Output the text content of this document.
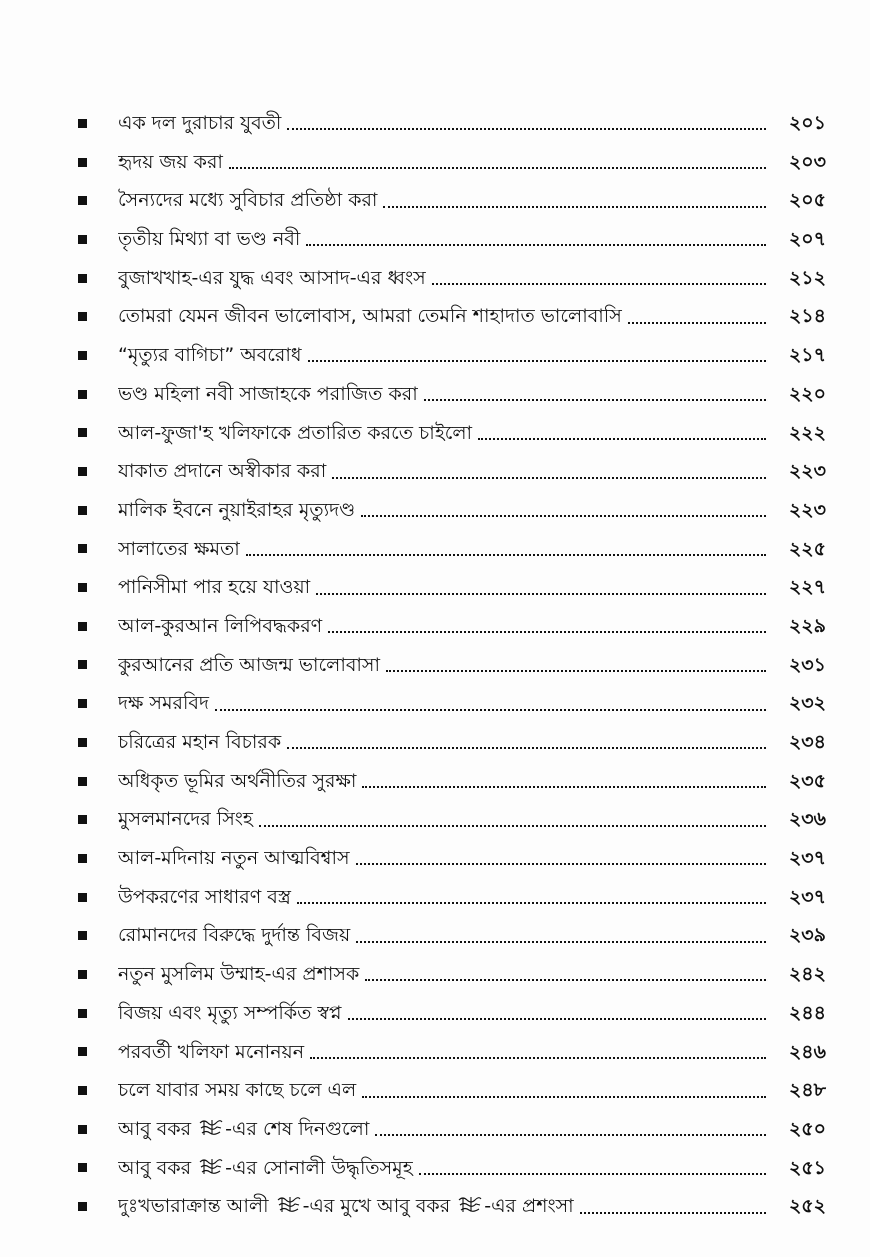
এক দল দুরাচার যুবতী	২০১
হৃদয় জয় করা	২০৩
সৈন্যদের মধ্যে সুবিচার প্রতিষ্ঠা করা	২০৫
তৃতীয় মিথ্যা বা ভণ্ড নবী	২০৭
বুজাখখাহ-এর যুদ্ধ এবং আসাদ-এর ধ্বংস	২১২
তোমরা যেমন জীবন ভালোবাস, আমরা তেমনি শাহাদাত ভালোবাসি	২১৪
“মৃত্যুর বাগিচা” অবরোধ	২১৭
ভণ্ড মহিলা নবী সাজাহকে পরাজিত করা	২২০
আল-ফুজা'হ খলিফাকে প্রতারিত করতে চাইলো	২২২
যাকাত প্রদানে অস্বীকার করা	২২৩
মালিক ইবনে নুয়াইরাহর মৃত্যুদণ্ড	২২৩
সালাতের ক্ষমতা	২২৫
পানিসীমা পার হয়ে যাওয়া	২২৭
আল-কুরআন লিপিবদ্ধকরণ	২২৯
কুরআনের প্রতি আজন্ম ভালোবাসা	২৩১
দক্ষ সমরবিদ	২৩২
চরিত্রের মহান বিচারক	২৩৪
অধিকৃত ভূমির অর্থনীতির সুরক্ষা	২৩৫
মুসলমানদের সিংহ	২৩৬
আল-মদিনায় নতুন আত্মবিশ্বাস	২৩৭
উপকরণের সাধারণ বস্ত্র	২৩৭
রোমানদের বিরুদ্ধে দুর্দান্ত বিজয়	২৩৯
নতুন মুসলিম উম্মাহ-এর প্রশাসক	২৪২
বিজয় এবং মৃত্যু সম্পর্কিত স্বপ্ন	২৪৪
পরবর্তী খলিফা মনোনয়ন	২৪৬
চলে যাবার সময় কাছে চলে এল	২৪৮
আবু বকর -এর শেষ দিনগুলো	২৫০
আবু বকর -এর সোনালী উদ্ধৃতিসমূহ	২৫১
দুঃখভারাক্রান্ত আলী -এর মুখে আবু বকর -এর প্রশংসা	২৫২
